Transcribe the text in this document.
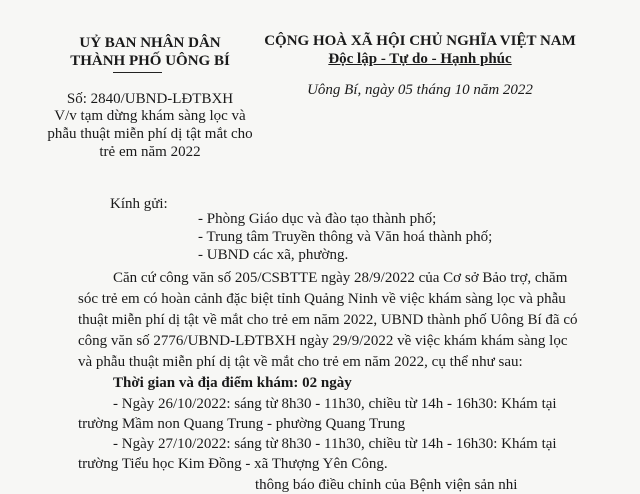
UỶ BAN NHÂN DÂN
THÀNH PHỐ UÔNG BÍ
Số: 2840/UBND-LĐTBXH
V/v tạm dừng khám sàng lọc và
phẫu thuật miễn phí dị tật mắt cho
trẻ em năm 2022
CỘNG HOÀ XÃ HỘI CHỦ NGHĨA VIỆT NAM
Độc lập - Tự do - Hạnh phúc
Uông Bí, ngày 05 tháng 10 năm 2022
Kính gửi:
- Phòng Giáo dục và đào tạo thành phố;
- Trung tâm Truyền thông và Văn hoá thành phố;
- UBND các xã, phường.
Căn cứ công văn số 205/CSBTTE ngày 28/9/2022 của Cơ sở Bảo trợ, chăm
sóc trẻ em có hoàn cảnh đặc biệt tỉnh Quảng Ninh về việc khám sàng lọc và phẫu
thuật miễn phí dị tật về mắt cho trẻ em năm 2022, UBND thành phố Uông Bí đã có
công văn số 2776/UBND-LĐTBXH ngày 29/9/2022 về việc khám khám sàng lọc
và phẫu thuật miễn phí dị tật về mắt cho trẻ em năm 2022, cụ thể như sau:
Thời gian và địa điểm khám: 02 ngày
- Ngày 26/10/2022: sáng từ 8h30 - 11h30, chiều từ 14h - 16h30: Khám tại
trường Mầm non Quang Trung - phường Quang Trung
- Ngày 27/10/2022: sáng từ 8h30 - 11h30, chiều từ 14h - 16h30: Khám tại
trường Tiểu học Kim Đồng - xã Thượng Yên Công.
thông báo điều chỉnh của Bệnh viện sản nhi
